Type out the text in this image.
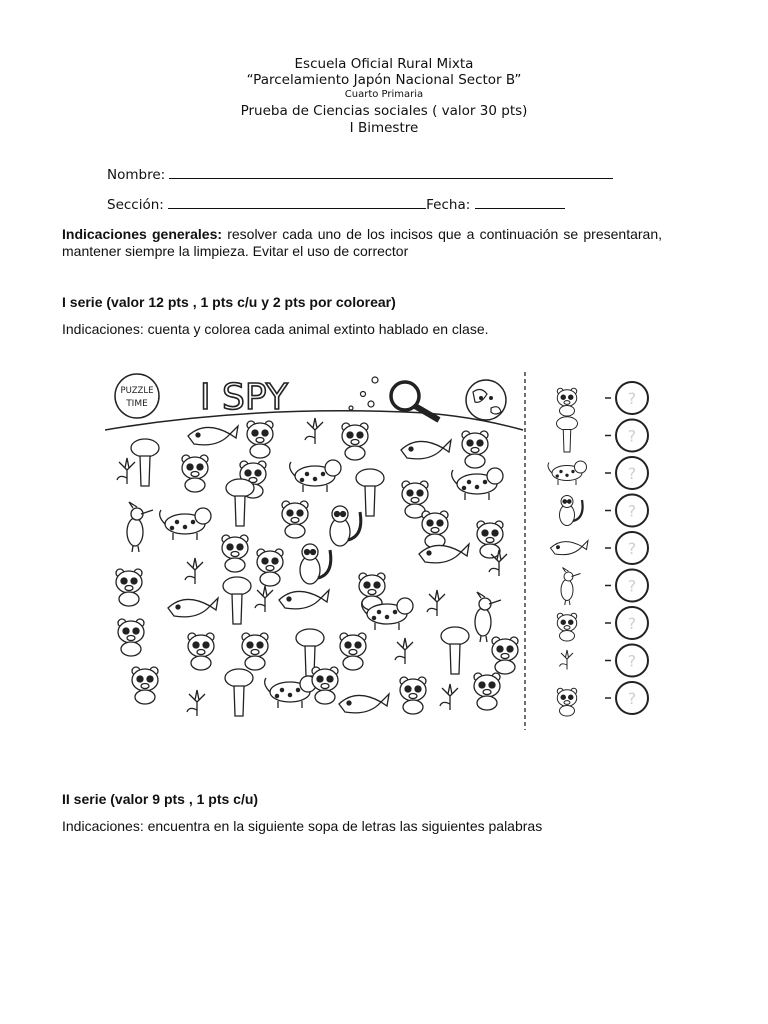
Escuela Oficial Rural Mixta
“Parcelamiento Japón Nacional Sector B”
Cuarto Primaria
Prueba de Ciencias sociales ( valor 30 pts)
I Bimestre
Nombre:
Sección:	Fecha:
Indicaciones generales: resolver cada uno de los incisos que a continuación se presentaran, mantener siempre la limpieza. Evitar el uso de corrector
I serie (valor 12 pts , 1 pts c/u y 2 pts por colorear)
Indicaciones: cuenta y colorea cada animal extinto hablado en clase.
PUZZLE
TIME I SPY	?
?
?
?
?
?
?
?
?
II serie (valor 9 pts , 1 pts c/u)
Indicaciones: encuentra en la siguiente sopa de letras las siguientes palabras
